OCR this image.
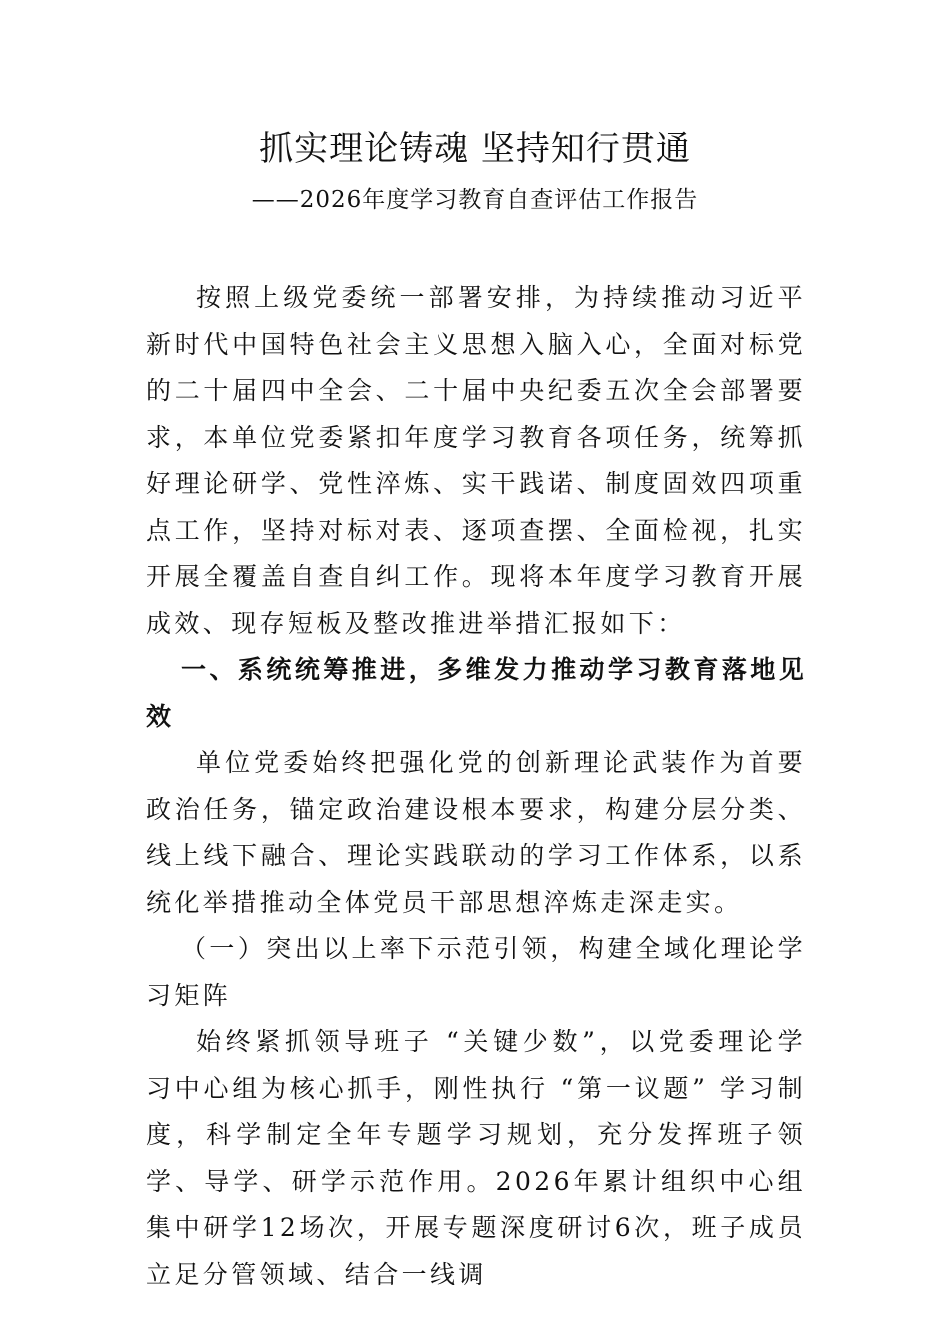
抓实理论铸魂 坚持知行贯通
——2026年度学习教育自查评估工作报告

按照上级党委统一部署安排，为持续推动习近平新时代中国特色社会主义思想入脑入心，全面对标党的二十届四中全会、二十届中央纪委五次全会部署要求，本单位党委紧扣年度学习教育各项任务，统筹抓好理论研学、党性淬炼、实干践诺、制度固效四项重点工作，坚持对标对表、逐项查摆、全面检视，扎实开展全覆盖自查自纠工作。现将本年度学习教育开展成效、现存短板及整改推进举措汇报如下：

一、系统统筹推进，多维发力推动学习教育落地见效

单位党委始终把强化党的创新理论武装作为首要政治任务，锚定政治建设根本要求，构建分层分类、线上线下融合、理论实践联动的学习工作体系，以系统化举措推动全体党员干部思想淬炼走深走实。

（一）突出以上率下示范引领，构建全域化理论学习矩阵

始终紧抓领导班子 “关键少数”，以党委理论学习中心组为核心抓手，刚性执行 “第一议题” 学习制度，科学制定全年专题学习规划，充分发挥班子领学、导学、研学示范作用。2026年累计组织中心组集中研学12场次，开展专题深度研讨6次，班子成员立足分管领域、结合一线调
